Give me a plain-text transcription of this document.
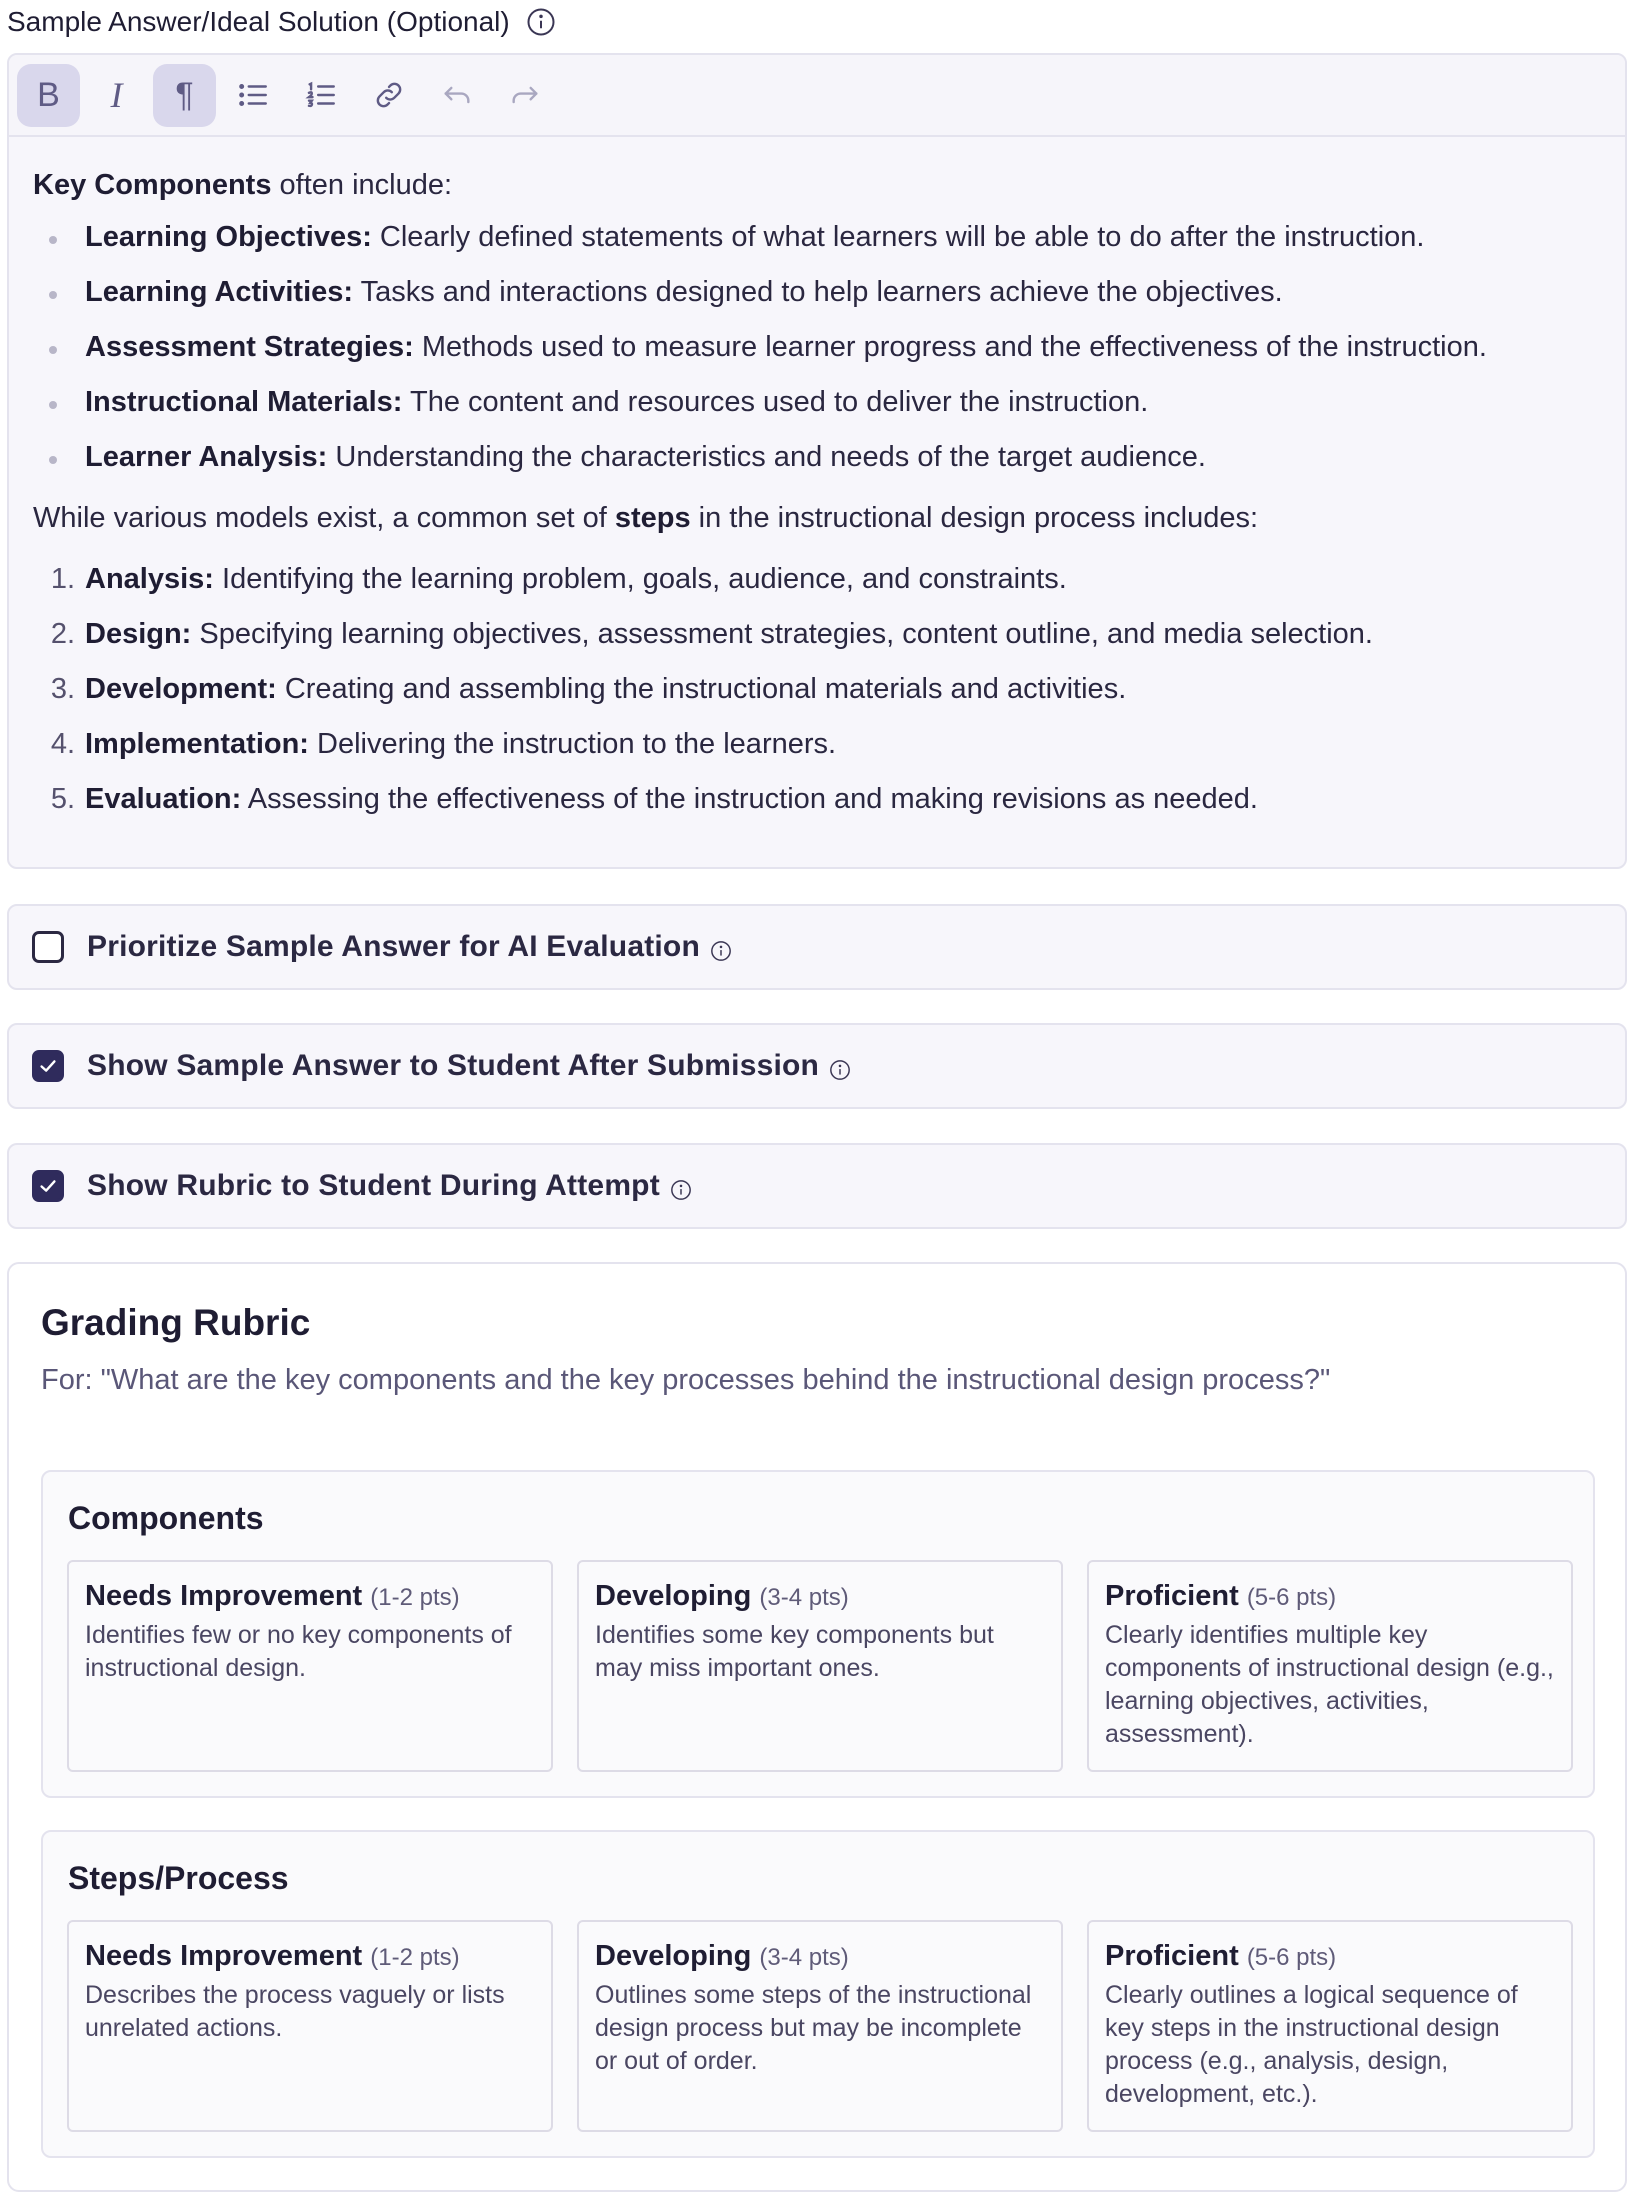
Sample Answer/Ideal Solution (Optional)
B I ¶

Key Components often include:

Learning Objectives: Clearly defined statements of what learners will be able to do after the instruction.
Learning Activities: Tasks and interactions designed to help learners achieve the objectives.
Assessment Strategies: Methods used to measure learner progress and the effectiveness of the instruction.
Instructional Materials: The content and resources used to deliver the instruction.
Learner Analysis: Understanding the characteristics and needs of the target audience.

While various models exist, a common set of steps in the instructional design process includes:

1. Analysis: Identifying the learning problem, goals, audience, and constraints.
2. Design: Specifying learning objectives, assessment strategies, content outline, and media selection.
3. Development: Creating and assembling the instructional materials and activities.
4. Implementation: Delivering the instruction to the learners.
5. Evaluation: Assessing the effectiveness of the instruction and making revisions as needed.
Prioritize Sample Answer for AI Evaluation
Show Sample Answer to Student After Submission
Show Rubric to Student During Attempt
Grading Rubric
For: "What are the key components and the key processes behind the instructional design process?"
Components
Needs Improvement (1-2 pts)
Identifies few or no key components of instructional design.
Developing (3-4 pts)
Identifies some key components but may miss important ones.
Proficient (5-6 pts)
Clearly identifies multiple key components of instructional design (e.g., learning objectives, activities, assessment).
Steps/Process
Needs Improvement (1-2 pts)
Describes the process vaguely or lists unrelated actions.
Developing (3-4 pts)
Outlines some steps of the instructional design process but may be incomplete or out of order.
Proficient (5-6 pts)
Clearly outlines a logical sequence of key steps in the instructional design process (e.g., analysis, design, development, etc.).
